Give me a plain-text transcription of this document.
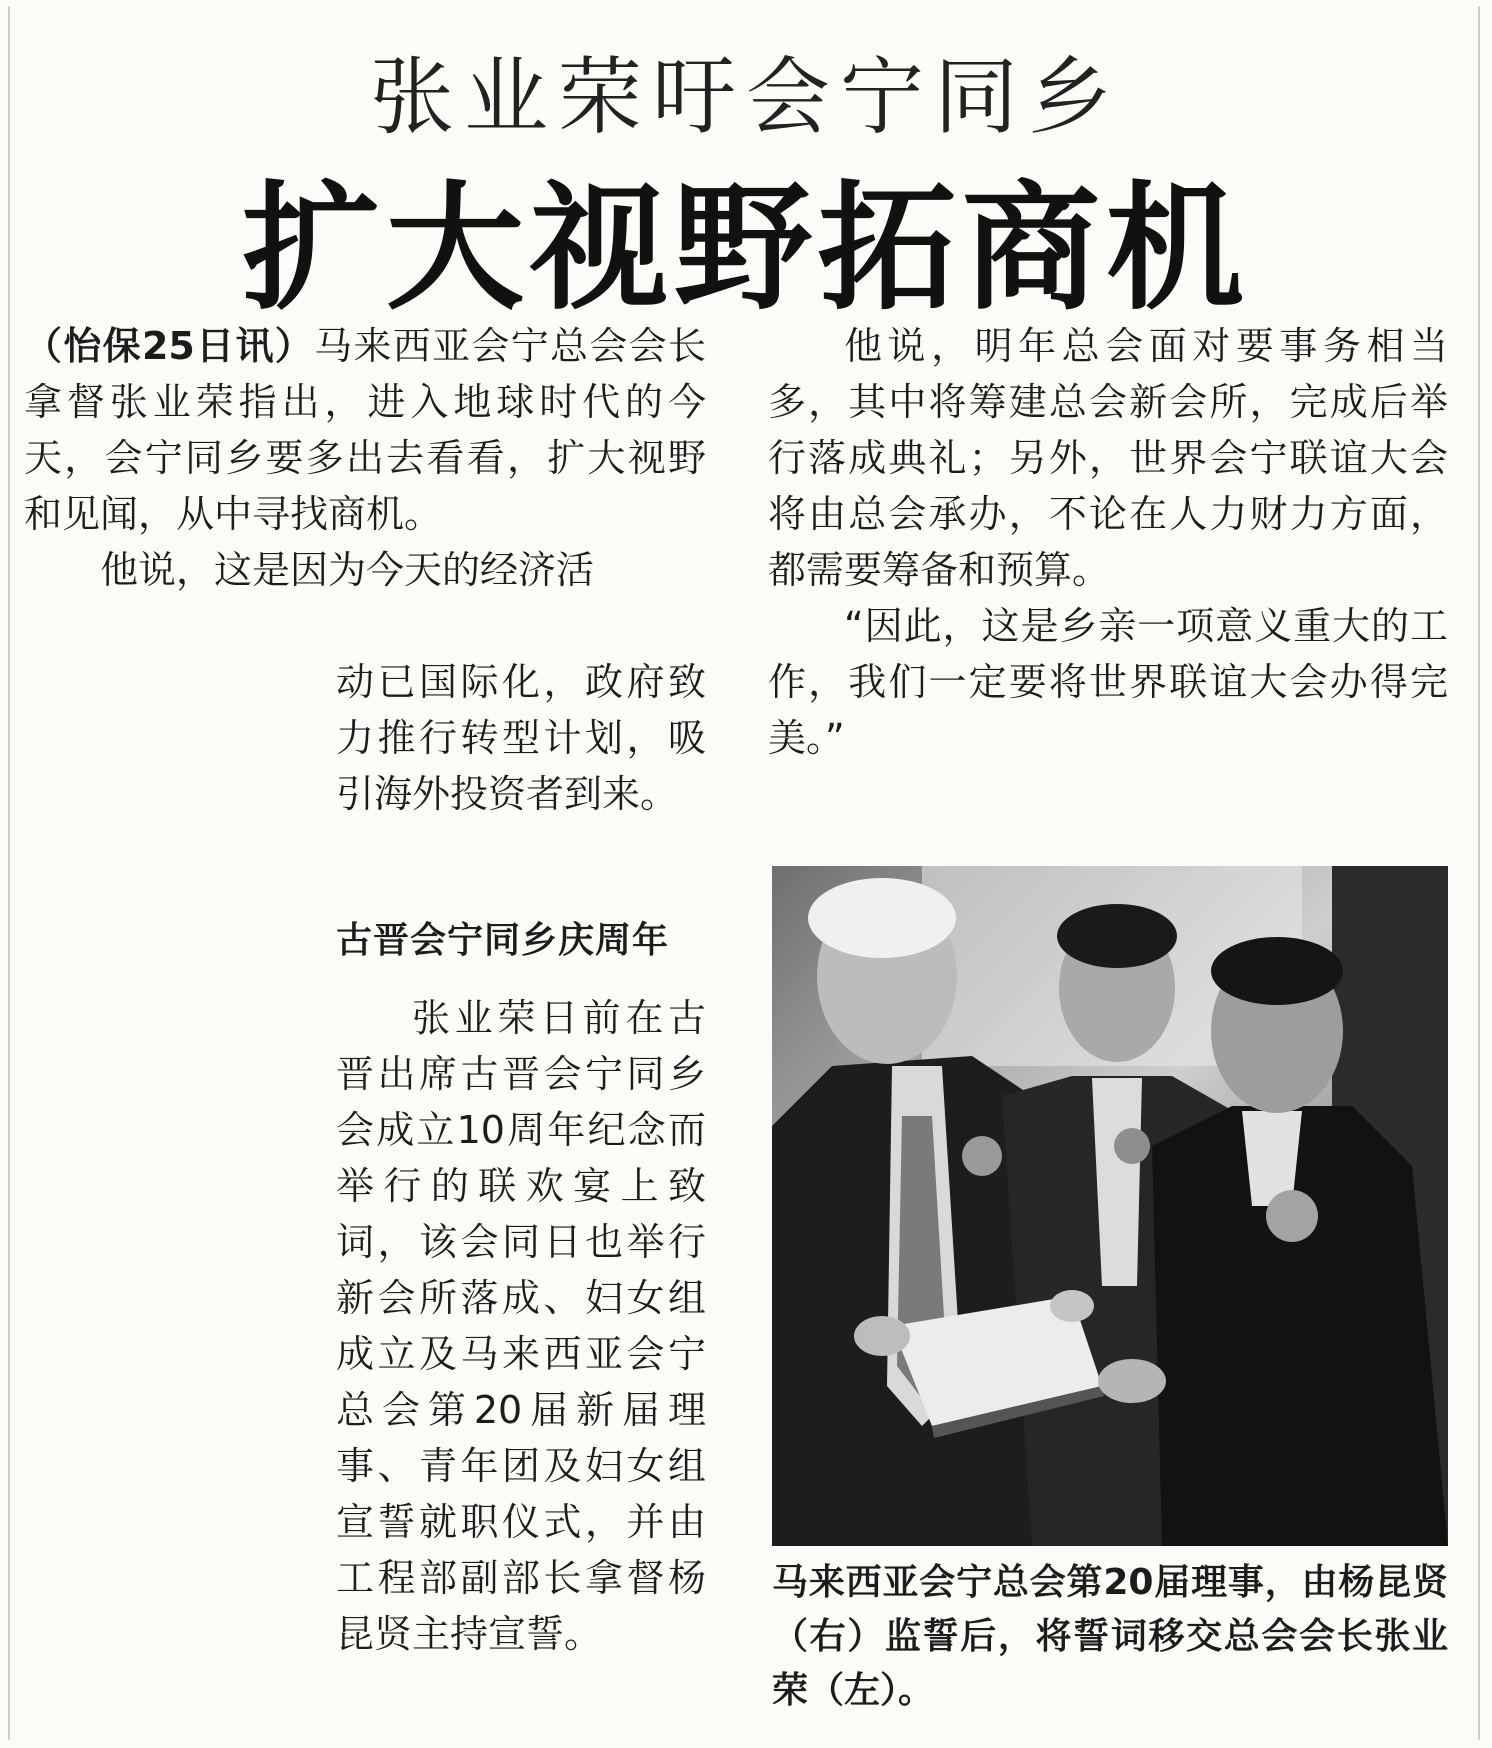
张业荣吁会宁同乡
扩大视野拓商机

（怡保25日讯）马来西亚会宁总会会长拿督张业荣指出，进入地球时代的今天，会宁同乡要多出去看看，扩大视野和见闻，从中寻找商机。

他说，这是因为今天的经济活

动已国际化，政府致力推行转型计划，吸引海外投资者到来。

古晋会宁同乡庆周年

张业荣日前在古晋出席古晋会宁同乡会成立10周年纪念而举行的联欢宴上致词，该会同日也举行新会所落成、妇女组成立及马来西亚会宁总会第20届新届理事、青年团及妇女组宣誓就职仪式，并由工程部副部长拿督杨昆贤主持宣誓。

他说，明年总会面对要事务相当多，其中将筹建总会新会所，完成后举行落成典礼；另外，世界会宁联谊大会将由总会承办，不论在人力财力方面，都需要筹备和预算。

“因此，这是乡亲一项意义重大的工作，我们一定要将世界联谊大会办得完美。”

马来西亚会宁总会第20届理事，由杨昆贤（右）监誓后，将誓词移交总会会长张业荣（左）。
